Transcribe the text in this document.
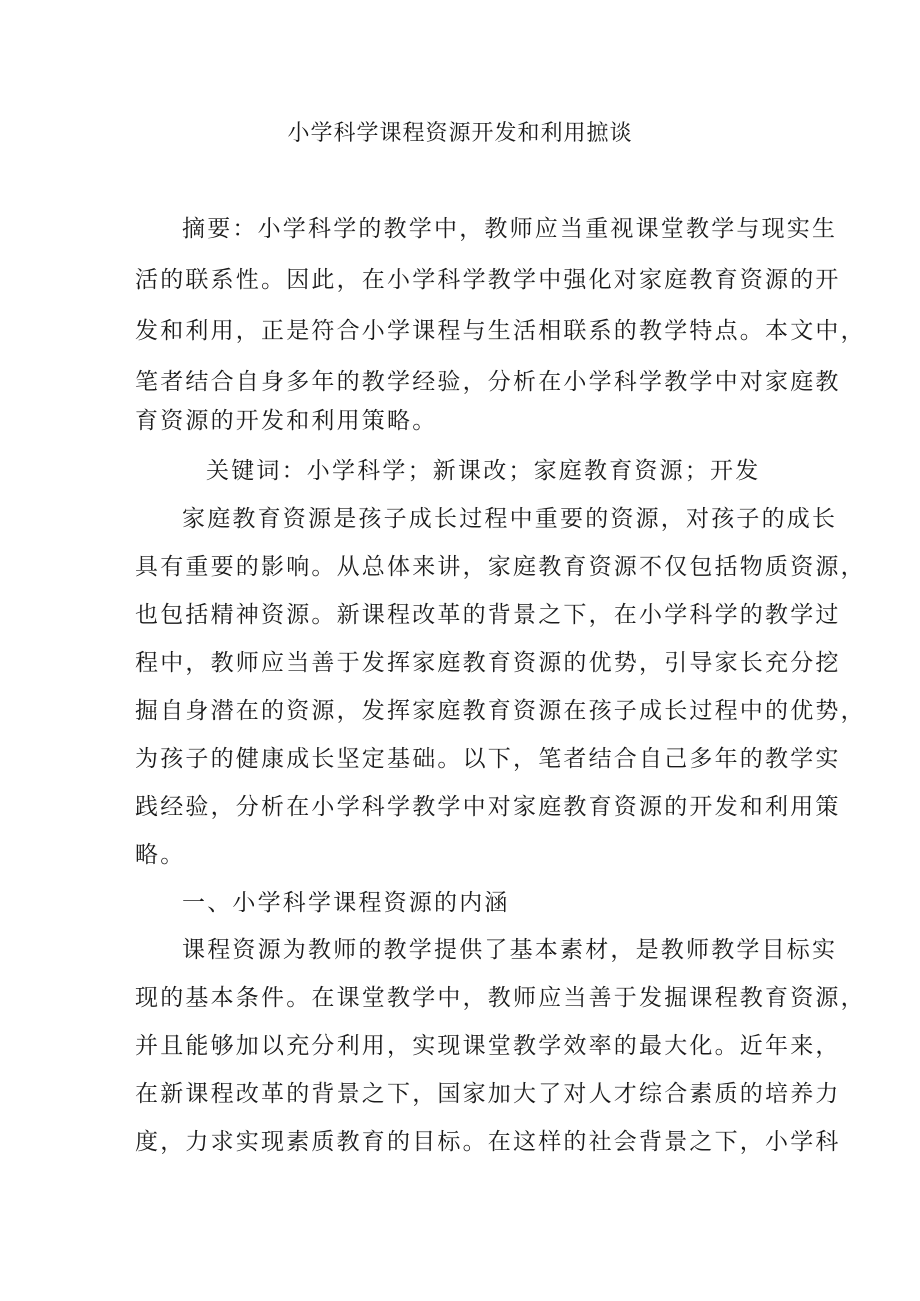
小学科学课程资源开发和利用摭谈
摘要：小学科学的教学中，教师应当重视课堂教学与现实生
活的联系性。因此，在小学科学教学中强化对家庭教育资源的开
发和利用，正是符合小学课程与生活相联系的教学特点。本文中，
笔者结合自身多年的教学经验，分析在小学科学教学中对家庭教
育资源的开发和利用策略。
关键词：小学科学；新课改；家庭教育资源；开发
家庭教育资源是孩子成长过程中重要的资源，对孩子的成长
具有重要的影响。从总体来讲，家庭教育资源不仅包括物质资源，
也包括精神资源。新课程改革的背景之下，在小学科学的教学过
程中，教师应当善于发挥家庭教育资源的优势，引导家长充分挖
掘自身潜在的资源，发挥家庭教育资源在孩子成长过程中的优势，
为孩子的健康成长坚定基础。以下，笔者结合自己多年的教学实
践经验，分析在小学科学教学中对家庭教育资源的开发和利用策
略。
一、小学科学课程资源的内涵
课程资源为教师的教学提供了基本素材，是教师教学目标实
现的基本条件。在课堂教学中，教师应当善于发掘课程教育资源，
并且能够加以充分利用，实现课堂教学效率的最大化。近年来，
在新课程改革的背景之下，国家加大了对人才综合素质的培养力
度，力求实现素质教育的目标。在这样的社会背景之下，小学科
